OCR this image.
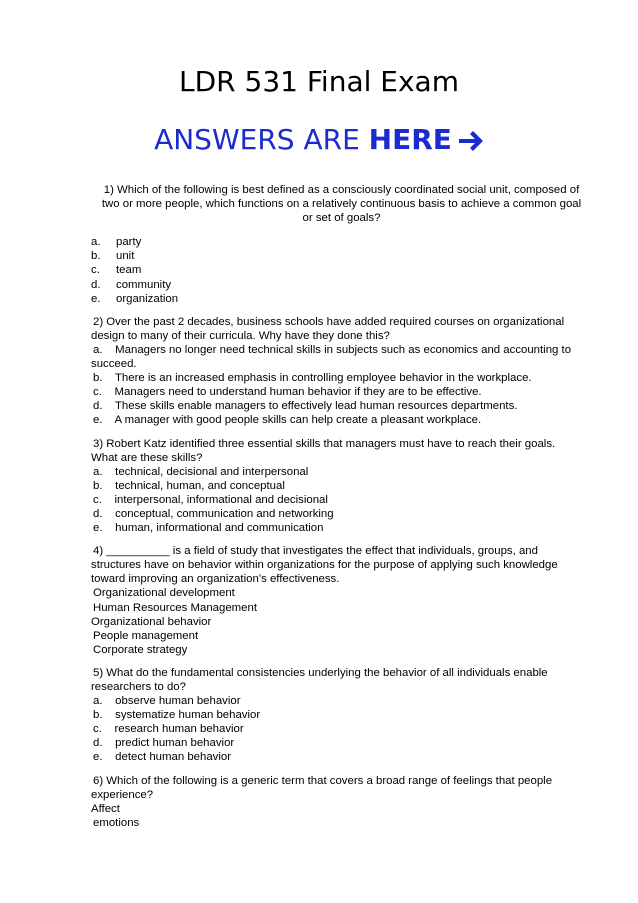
LDR 531 Final Exam
ANSWERS ARE HERE
1) Which of the following is best defined as a consciously coordinated social unit, composed of
two or more people, which functions on a relatively continuous basis to achieve a common goal
or set of goals?
a. party
b. unit
c. team
d. community
e. organization
2) Over the past 2 decades, business schools have added required courses on organizational
design to many of their curricula. Why have they done this?
a.    Managers no longer need technical skills in subjects such as economics and accounting to
succeed.
b.    There is an increased emphasis in controlling employee behavior in the workplace.
c.    Managers need to understand human behavior if they are to be effective.
d.    These skills enable managers to effectively lead human resources departments.
e.    A manager with good people skills can help create a pleasant workplace.
3) Robert Katz identified three essential skills that managers must have to reach their goals.
What are these skills?
a.    technical, decisional and interpersonal
b.    technical, human, and conceptual
c.    interpersonal, informational and decisional
d.    conceptual, communication and networking
e.    human, informational and communication
4) __________ is a field of study that investigates the effect that individuals, groups, and
structures have on behavior within organizations for the purpose of applying such knowledge
toward improving an organization’s effectiveness.
Organizational development
Human Resources Management
Organizational behavior
People management
Corporate strategy
5) What do the fundamental consistencies underlying the behavior of all individuals enable
researchers to do?
a.    observe human behavior
b.    systematize human behavior
c.    research human behavior
d.    predict human behavior
e.    detect human behavior
6) Which of the following is a generic term that covers a broad range of feelings that people
experience?
Affect
emotions
